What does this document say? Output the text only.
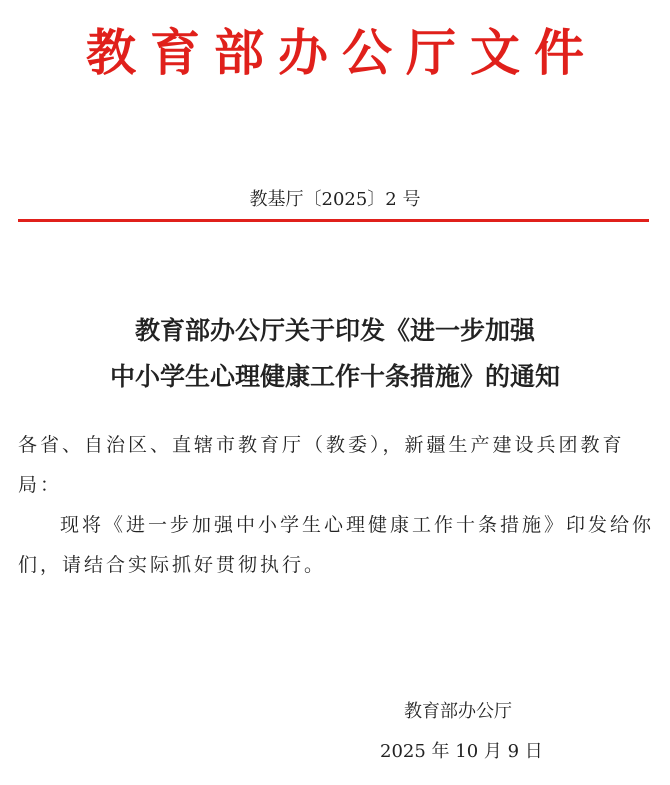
教育部办公厅文件
教基厅〔2025〕2 号
教育部办公厅关于印发《进一步加强
中小学生心理健康工作十条措施》的通知

各省、自治区、直辖市教育厅（教委），新疆生产建设兵团教育局：

现将《进一步加强中小学生心理健康工作十条措施》印发给你们，请结合实际抓好贯彻执行。

教育部办公厅
2025 年 10 月 9 日
